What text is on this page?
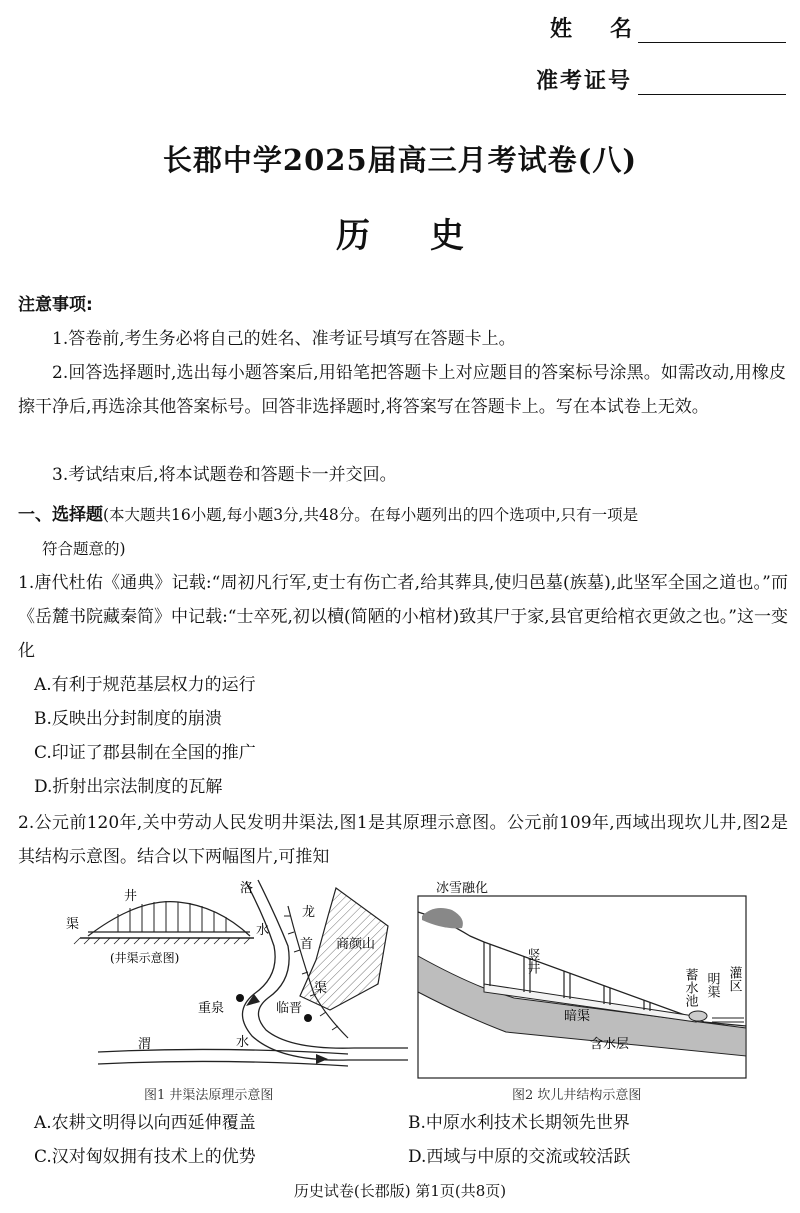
姓名
准考证号
长郡中学2025届高三月考试卷(八)
历史
注意事项:
1.答卷前,考生务必将自己的姓名、准考证号填写在答题卡上。
2.回答选择题时,选出每小题答案后,用铅笔把答题卡上对应题目的答案标号涂黑。如需改动,用橡皮擦干净后,再选涂其他答案标号。回答非选择题时,将答案写在答题卡上。写在本试卷上无效。
3.考试结束后,将本试题卷和答题卡一并交回。
一、选择题(本大题共16小题,每小题3分,共48分。在每小题列出的四个选项中,只有一项是
符合题意的)
1.唐代杜佑《通典》记载:“周初凡行军,吏士有伤亡者,给其葬具,使归邑墓(族墓),此坚军全国之道也。”而《岳麓书院藏秦简》中记载:“士卒死,初以櫝(简陋的小棺材)致其尸于家,县官更给棺衣更敛之也。”这一变化
A.有利于规范基层权力的运行
B.反映出分封制度的崩溃
C.印证了郡县制在全国的推广
D.折射出宗法制度的瓦解
2.公元前120年,关中劳动人民发明井渠法,图1是其原理示意图。公元前109年,西域出现坎儿井,图2是其结构示意图。结合以下两幅图片,可推知
井
渠
(井渠示意图)
商颜山
洛
水
龙
首
渠
重泉	临晋
渭	水
图1 井渠法原理示意图
冰雪融化
竖井
蓄水池 明渠 灌区
暗渠
含水层
图2 坎儿井结构示意图
A.农耕文明得以向西延伸覆盖	B.中原水利技术长期领先世界
C.汉对匈奴拥有技术上的优势	D.西域与中原的交流或较活跃
历史试卷(长郡版) 第1页(共8页)
